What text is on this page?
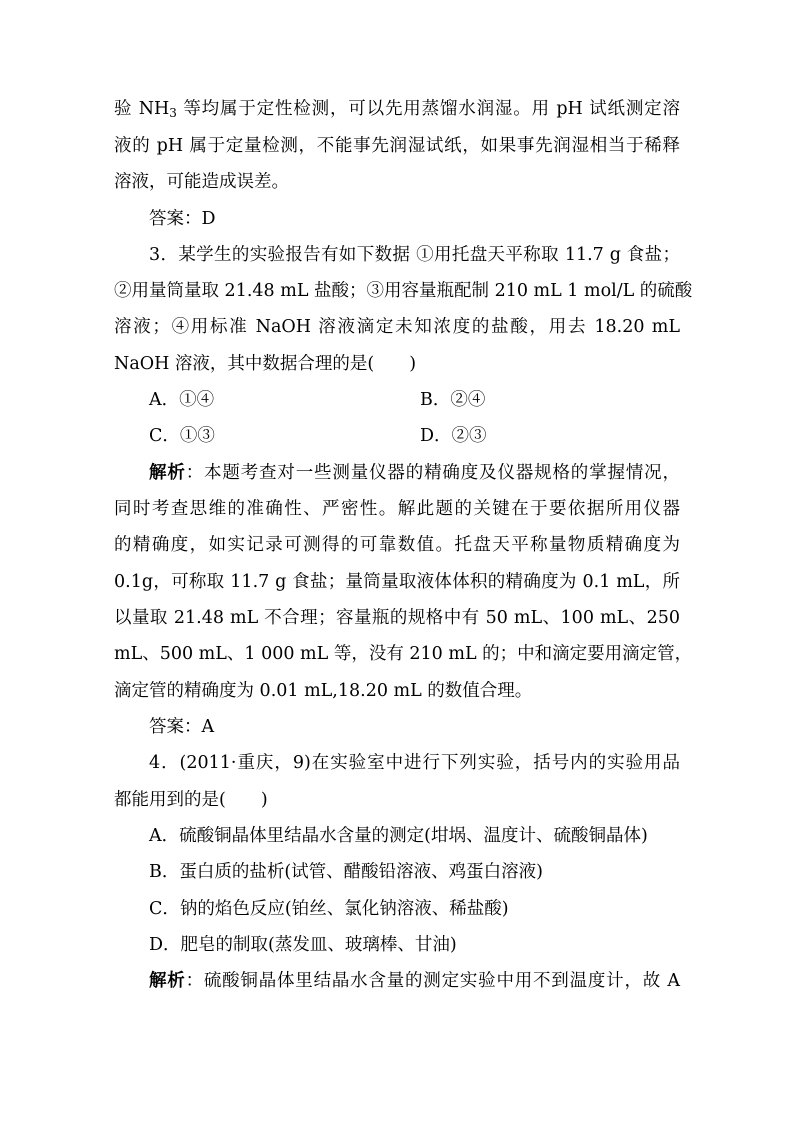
验 $NH_3$ 等均属于定性检测，可以先用蒸馏水润湿。用 pH 试纸测定溶
液的 pH 属于定量检测，不能事先润湿试纸，如果事先润湿相当于稀释
溶液，可能造成误差。
答案：D
3．某学生的实验报告有如下数据 ①用托盘天平称取 11.7 g 食盐；
②用量筒量取 21.48 mL 盐酸；③用容量瓶配制 210 mL 1 mol/L 的硫酸
溶液；④用标准 NaOH 溶液滴定未知浓度的盐酸，用去 18.20 mL
NaOH 溶液，其中数据合理的是(　　)
A．①④	B．②④
C．①③	D．②③
解析：本题考查对一些测量仪器的精确度及仪器规格的掌握情况，
同时考查思维的准确性、严密性。解此题的关键在于要依据所用仪器
的精确度，如实记录可测得的可靠数值。托盘天平称量物质精确度为
0.1g，可称取 11.7 g 食盐；量筒量取液体体积的精确度为 0.1 mL，所
以量取 21.48 mL 不合理；容量瓶的规格中有 50 mL、100 mL、250
mL、500 mL、1 000 mL 等，没有 210 mL 的；中和滴定要用滴定管，
滴定管的精确度为 0.01 mL,18.20 mL 的数值合理。
答案：A
4．(2011·重庆，9)在实验室中进行下列实验，括号内的实验用品
都能用到的是(　　)
A．硫酸铜晶体里结晶水含量的测定(坩埚、温度计、硫酸铜晶体)
B．蛋白质的盐析(试管、醋酸铅溶液、鸡蛋白溶液)
C．钠的焰色反应(铂丝、氯化钠溶液、稀盐酸)
D．肥皂的制取(蒸发皿、玻璃棒、甘油)
解析：硫酸铜晶体里结晶水含量的测定实验中用不到温度计，故 A
